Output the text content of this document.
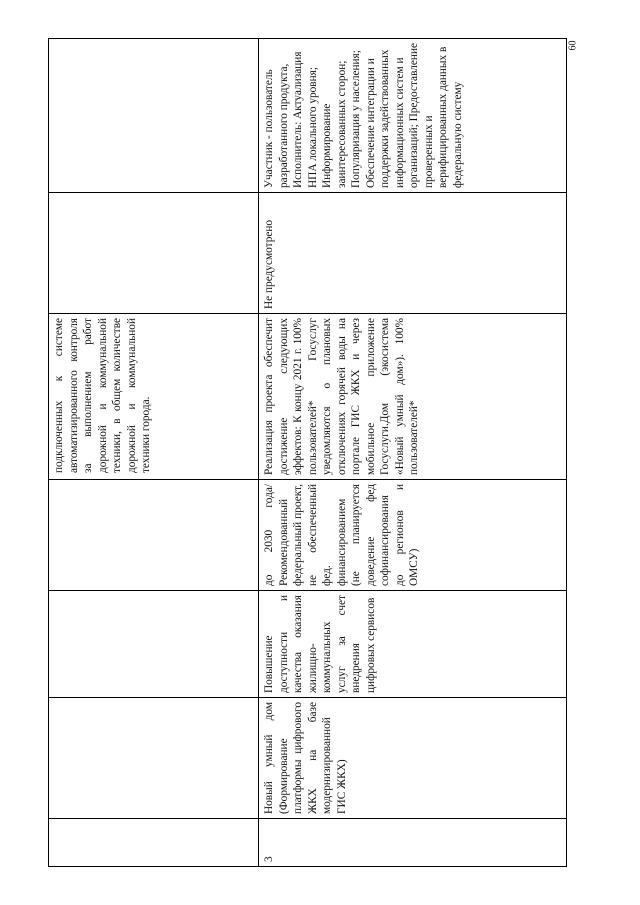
60
подключенных к системе автоматизированного контроля за выполнением работ дорожной и коммунальной техники, в общем количестве дорожной и коммунальной техники города.
3
Новый умный дом (Формирование платформы цифрового ЖКХ на базе модернизированной ГИС ЖКХ)
Повышение доступности и качества оказания жилищно-коммунальных услуг за счет внедрения цифровых сервисов
до 2030 года/ Рекомендованный федеральный проект, не обеспеченный фед. финансированием (не планируется доведение фед софинансирования до регионов и ОМСУ)
Реализация проекта обеспечит достижение следующих эффектов: К концу 2021 г. 100% пользователей* Госуслуг уведомляются о плановых отключениях горячей воды на портале ГИС ЖКХ и через мобильное приложение Госуслуги.Дом (экосистема «Новый умный дом»). 100% пользователей*
Не предусмотрено
Участник - пользователь разработанного продукта, Исполнитель: Актуализация НПА локального уровня; Информирование заинтересованных сторон; Популяризация у населения; Обеспечение интеграции и поддержки задействованных информационных систем и организаций; Предоставление проверенных и верифицированных данных в федеральную систему
